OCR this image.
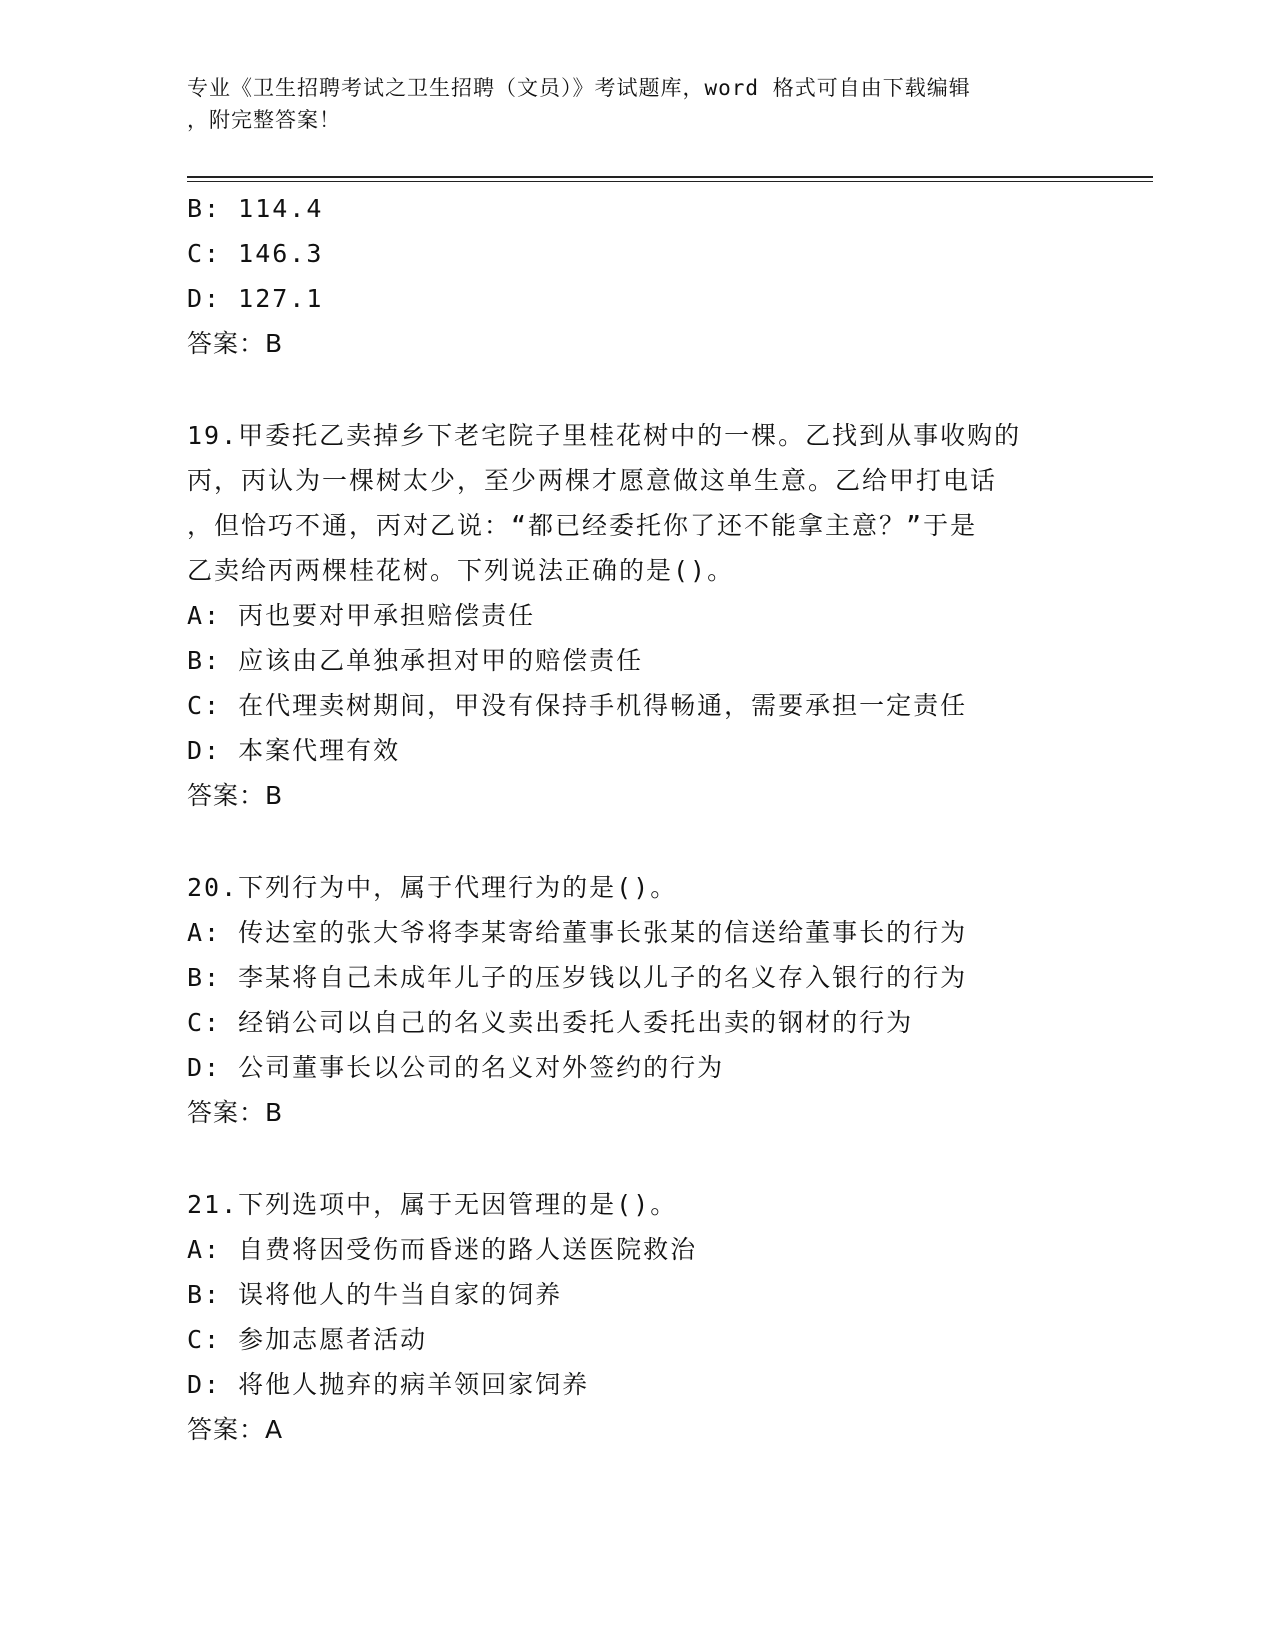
专业《卫生招聘考试之卫生招聘（文员）》考试题库，word 格式可自由下载编辑
，附完整答案！
B: 114.4
C: 146.3
D: 127.1
答案：B
19.甲委托乙卖掉乡下老宅院子里桂花树中的一棵。乙找到从事收购的
丙，丙认为一棵树太少，至少两棵才愿意做这单生意。乙给甲打电话
，但恰巧不通，丙对乙说：“都已经委托你了还不能拿主意？”于是
乙卖给丙两棵桂花树。下列说法正确的是()。
A: 丙也要对甲承担赔偿责任
B: 应该由乙单独承担对甲的赔偿责任
C: 在代理卖树期间，甲没有保持手机得畅通，需要承担一定责任
D: 本案代理有效
答案：B
20.下列行为中，属于代理行为的是()。
A: 传达室的张大爷将李某寄给董事长张某的信送给董事长的行为
B: 李某将自己未成年儿子的压岁钱以儿子的名义存入银行的行为
C: 经销公司以自己的名义卖出委托人委托出卖的钢材的行为
D: 公司董事长以公司的名义对外签约的行为
答案：B
21.下列选项中，属于无因管理的是()。
A: 自费将因受伤而昏迷的路人送医院救治
B: 误将他人的牛当自家的饲养
C: 参加志愿者活动
D: 将他人抛弃的病羊领回家饲养
答案：A
